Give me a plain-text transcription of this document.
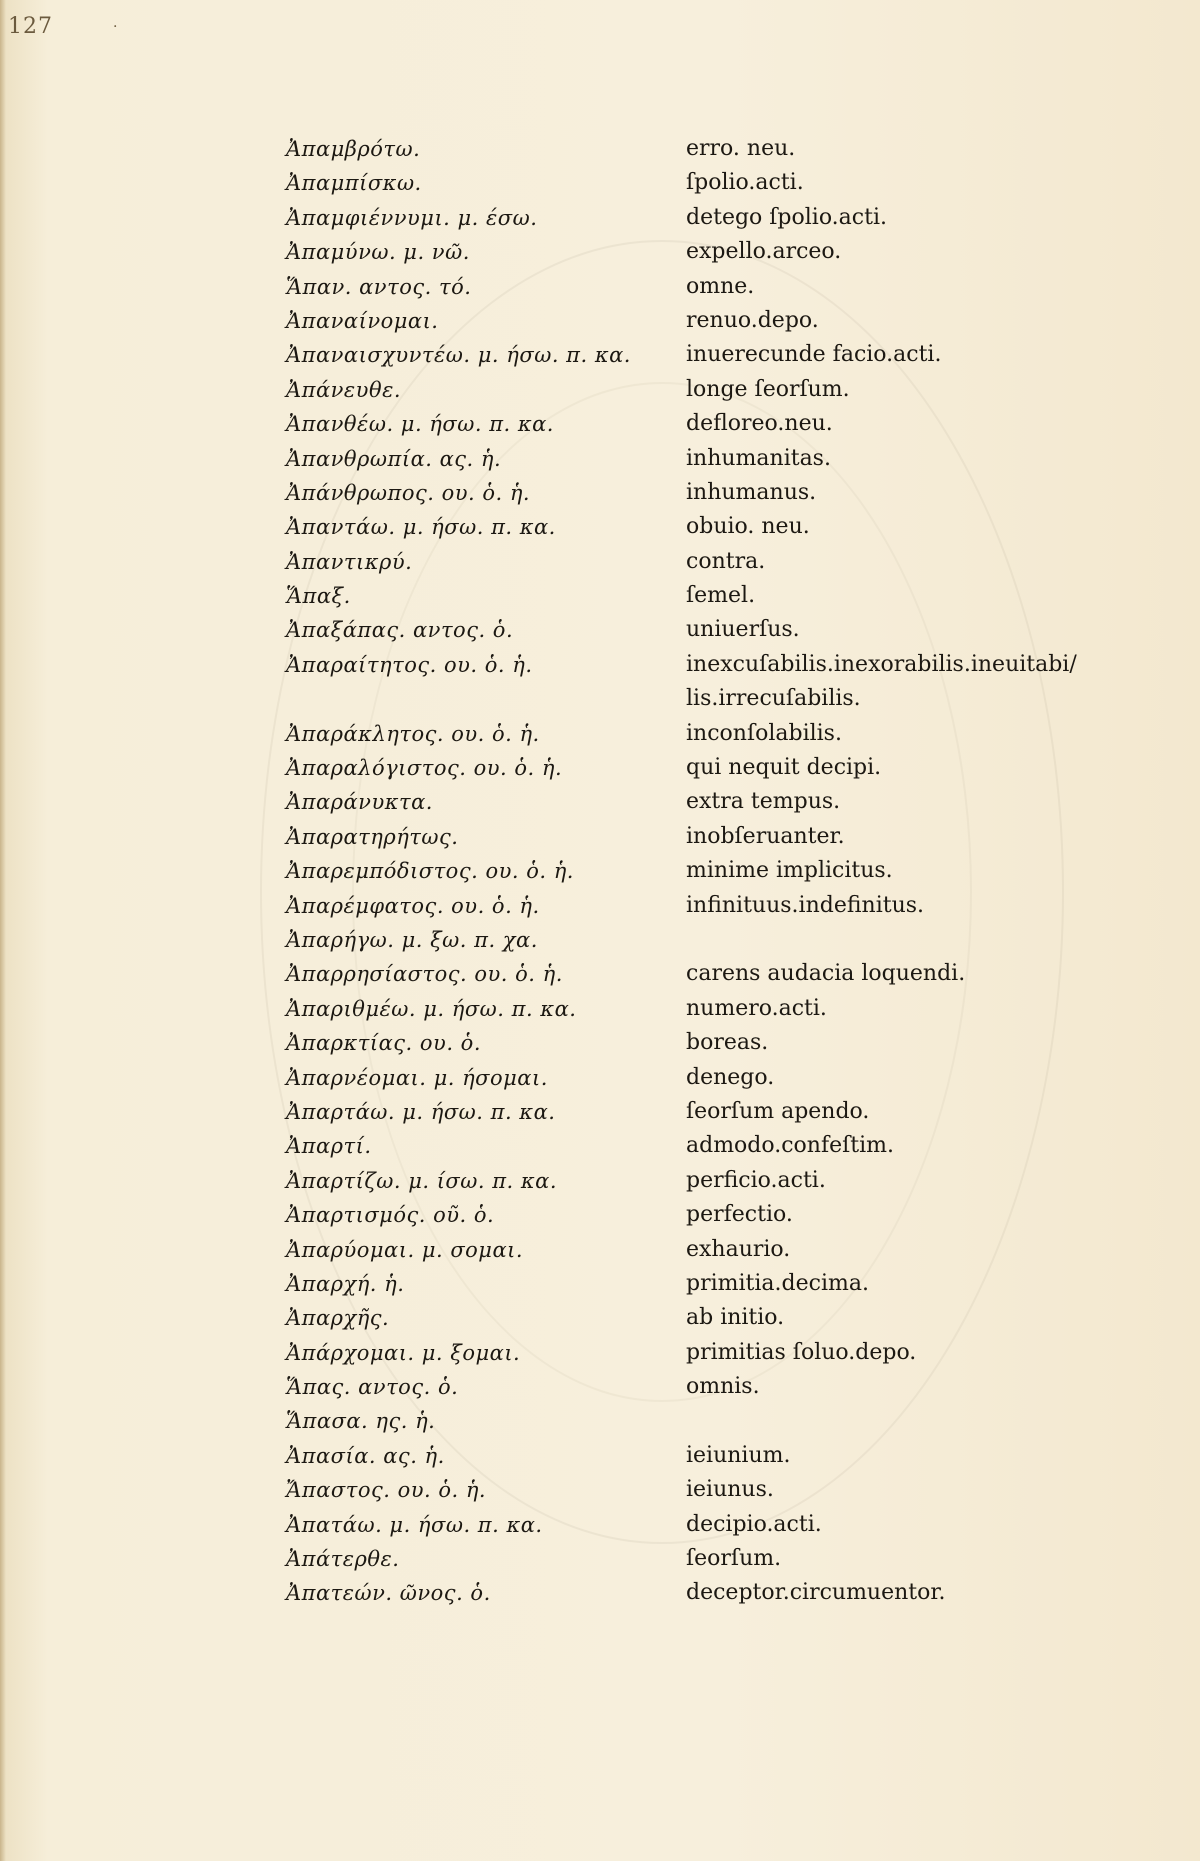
127	·
Ἀπαμβρότω.	erro. neu.
Ἀπαμπίσκω.	ſpolio.acti.
Ἀπαμφιέννυμι. μ. έσω.	detego ſpolio.acti.
Ἀπαμύνω. μ. νῶ.	expello.arceo.
Ἅπαν. αντος. τό.	omne.
Ἀπαναίνομαι.	renuo.depo.
Ἀπαναισχυντέω. μ. ήσω. π. κα.	inuerecunde facio.acti.
Ἀπάνευθε.	longe ſeorſum.
Ἀπανθέω. μ. ήσω. π. κα.	defloreo.neu.
Ἀπανθρωπία. ας. ἡ.	inhumanitas.
Ἀπάνθρωπος. ου. ὁ. ἡ.	inhumanus.
Ἀπαντάω. μ. ήσω. π. κα.	obuio. neu.
Ἀπαντικρύ.	contra.
Ἅπαξ.	ſemel.
Ἀπαξάπας. αντος. ὁ.	uniuerſus.
Ἀπαραίτητος. ου. ὁ. ἡ.	inexcuſabilis.inexorabilis.ineuitabi/
lis.irrecuſabilis.
Ἀπαράκλητος. ου. ὁ. ἡ.	inconſolabilis.
Ἀπαραλόγιστος. ου. ὁ. ἡ.	qui nequit decipi.
Ἀπαράνυκτα.	extra tempus.
Ἀπαρατηρήτως.	inobſeruanter.
Ἀπαρεμπόδιστος. ου. ὁ. ἡ.	minime implicitus.
Ἀπαρέμφατος. ου. ὁ. ἡ.	infinituus.indefinitus.
Ἀπαρήγω. μ. ξω. π. χα.
Ἀπαρρησίαστος. ου. ὁ. ἡ.	carens audacia loquendi.
Ἀπαριθμέω. μ. ήσω. π. κα.	numero.acti.
Ἀπαρκτίας. ου. ὁ.	boreas.
Ἀπαρνέομαι. μ. ήσομαι.	denego.
Ἀπαρτάω. μ. ήσω. π. κα.	ſeorſum apendo.
Ἀπαρτί.	admodo.confeſtim.
Ἀπαρτίζω. μ. ίσω. π. κα.	perficio.acti.
Ἀπαρτισμός. οῦ. ὁ.	perfectio.
Ἀπαρύομαι. μ. σομαι.	exhaurio.
Ἀπαρχή. ἡ.	primitia.decima.
Ἀπαρχῆς.	ab initio.
Ἀπάρχομαι. μ. ξομαι.	primitias ſoluo.depo.
Ἅπας. αντος. ὁ.	omnis.
Ἅπασα. ης. ἡ.
Ἀπασία. ας. ἡ.	ieiunium.
Ἄπαστος. ου. ὁ. ἡ.	ieiunus.
Ἀπατάω. μ. ήσω. π. κα.	decipio.acti.
Ἀπάτερθε.	ſeorſum.
Ἀπατεών. ῶνος. ὁ.	deceptor.circumuentor.
